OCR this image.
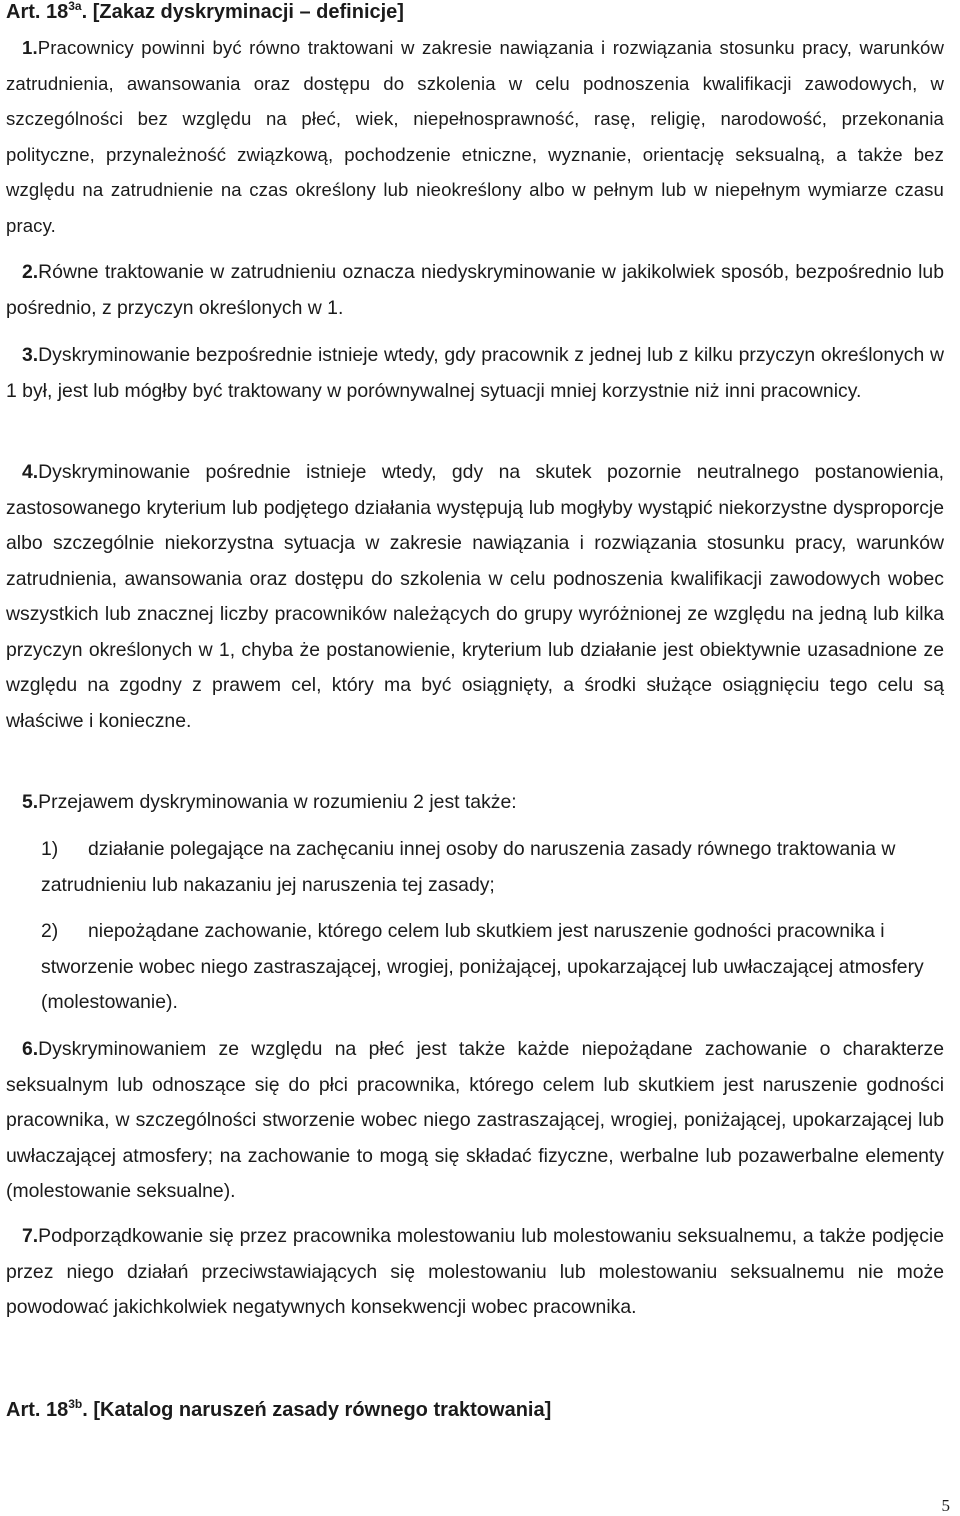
Art. $18^{3a}$. [Zakaz dyskryminacji – definicje]

1.Pracownicy powinni być równo traktowani w zakresie nawiązania i rozwiązania stosunku pracy, warunków zatrudnienia, awansowania oraz dostępu do szkolenia w celu podnoszenia kwalifikacji zawodowych, w szczególności bez względu na płeć, wiek, niepełnosprawność, rasę, religię, narodowość, przekonania polityczne, przynależność związkową, pochodzenie etniczne, wyznanie, orientację seksualną, a także bez względu na zatrudnienie na czas określony lub nieokreślony albo w pełnym lub w niepełnym wymiarze czasu pracy.

2.Równe traktowanie w zatrudnieniu oznacza niedyskryminowanie w jakikolwiek sposób, bezpośrednio lub pośrednio, z przyczyn określonych w 1.

3.Dyskryminowanie bezpośrednie istnieje wtedy, gdy pracownik z jednej lub z kilku przyczyn określonych w 1 był, jest lub mógłby być traktowany w porównywalnej sytuacji mniej korzystnie niż inni pracownicy.

4.Dyskryminowanie pośrednie istnieje wtedy, gdy na skutek pozornie neutralnego postanowienia, zastosowanego kryterium lub podjętego działania występują lub mogłyby wystąpić niekorzystne dysproporcje albo szczególnie niekorzystna sytuacja w zakresie nawiązania i rozwiązania stosunku pracy, warunków zatrudnienia, awansowania oraz dostępu do szkolenia w celu podnoszenia kwalifikacji zawodowych wobec wszystkich lub znacznej liczby pracowników należących do grupy wyróżnionej ze względu na jedną lub kilka przyczyn określonych w 1, chyba że postanowienie, kryterium lub działanie jest obiektywnie uzasadnione ze względu na zgodny z prawem cel, który ma być osiągnięty, a środki służące osiągnięciu tego celu są właściwe i konieczne.

5.Przejawem dyskryminowania w rozumieniu 2 jest także:

1) działanie polegające na zachęcaniu innej osoby do naruszenia zasady równego traktowania w zatrudnieniu lub nakazaniu jej naruszenia tej zasady;

2) niepożądane zachowanie, którego celem lub skutkiem jest naruszenie godności pracownika i stworzenie wobec niego zastraszającej, wrogiej, poniżającej, upokarzającej lub uwłaczającej atmosfery (molestowanie).

6.Dyskryminowaniem ze względu na płeć jest także każde niepożądane zachowanie o charakterze seksualnym lub odnoszące się do płci pracownika, którego celem lub skutkiem jest naruszenie godności pracownika, w szczególności stworzenie wobec niego zastraszającej, wrogiej, poniżającej, upokarzającej lub uwłaczającej atmosfery; na zachowanie to mogą się składać fizyczne, werbalne lub pozawerbalne elementy (molestowanie seksualne).

7.Podporządkowanie się przez pracownika molestowaniu lub molestowaniu seksualnemu, a także podjęcie przez niego działań przeciwstawiających się molestowaniu lub molestowaniu seksualnemu nie może powodować jakichkolwiek negatywnych konsekwencji wobec pracownika.

Art. $18^{3b}$. [Katalog naruszeń zasady równego traktowania]

5
